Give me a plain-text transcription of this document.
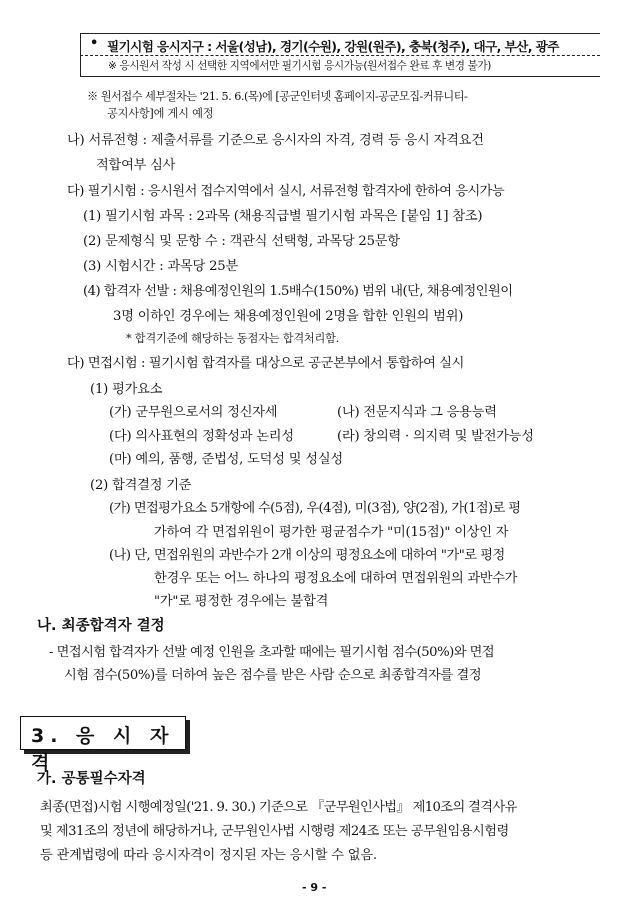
• 필기시험 응시지구 : 서울(성남), 경기(수원), 강원(원주), 충북(청주), 대구, 부산, 광주
※ 응시원서 작성 시 선택한 지역에서만 필기시험 응시가능(원서접수 완료 후 변경 불가)
※ 원서접수 세부절차는 '21. 5. 6.(목)에 [공군인터넷 홈페이지-공군모집-커뮤니티-
공지사항]에 게시 예정
나) 서류전형 : 제출서류를 기준으로 응시자의 자격, 경력 등 응시 자격요건
적합여부 심사
다) 필기시험 : 응시원서 접수지역에서 실시, 서류전형 합격자에 한하여 응시가능
(1) 필기시험 과목 : 2과목 (채용직급별 필기시험 과목은 [붙임 1] 참조)
(2) 문제형식 및 문항 수 : 객관식 선택형, 과목당 25문항
(3) 시험시간 : 과목당 25분
(4) 합격자 선발 : 채용예정인원의 1.5배수(150%) 범위 내(단, 채용예정인원이
3명 이하인 경우에는 채용예정인원에 2명을 합한 인원의 범위)
* 합격기준에 해당하는 동점자는 합격처리함.
다) 면접시험 : 필기시험 합격자를 대상으로 공군본부에서 통합하여 실시
(1) 평가요소
(가) 군무원으로서의 정신자세	(나) 전문지식과 그 응용능력
(다) 의사표현의 정확성과 논리성	(라) 창의력 · 의지력 및 발전가능성
(마) 예의, 품행, 준법성, 도덕성 및 성실성
(2) 합격결정 기준
(가) 면접평가요소 5개항에 수(5점), 우(4점), 미(3점), 양(2점), 가(1점)로 평
가하여 각 면접위원이 평가한 평균점수가 "미(15점)" 이상인 자
(나) 단, 면접위원의 과반수가 2개 이상의 평정요소에 대하여 "가"로 평정
한경우 또는 어느 하나의 평정요소에 대하여 면접위원의 과반수가
"가"로 평정한 경우에는 불합격
나. 최종합격자 결정
- 면접시험 합격자가 선발 예정 인원을 초과할 때에는 필기시험 점수(50%)와 면접
시험 점수(50%)를 더하여 높은 점수를 받은 사람 순으로 최종합격자를 결정
3. 응 시 자 격
가. 공통필수자격
최종(면접)시험 시행예정일('21. 9. 30.) 기준으로 『군무원인사법』 제10조의 결격사유
및 제31조의 정년에 해당하거나, 군무원인사법 시행령 제24조 또는 공무원임용시험령
등 관계법령에 따라 응시자격이 정지된 자는 응시할 수 없음.
- 9 -
